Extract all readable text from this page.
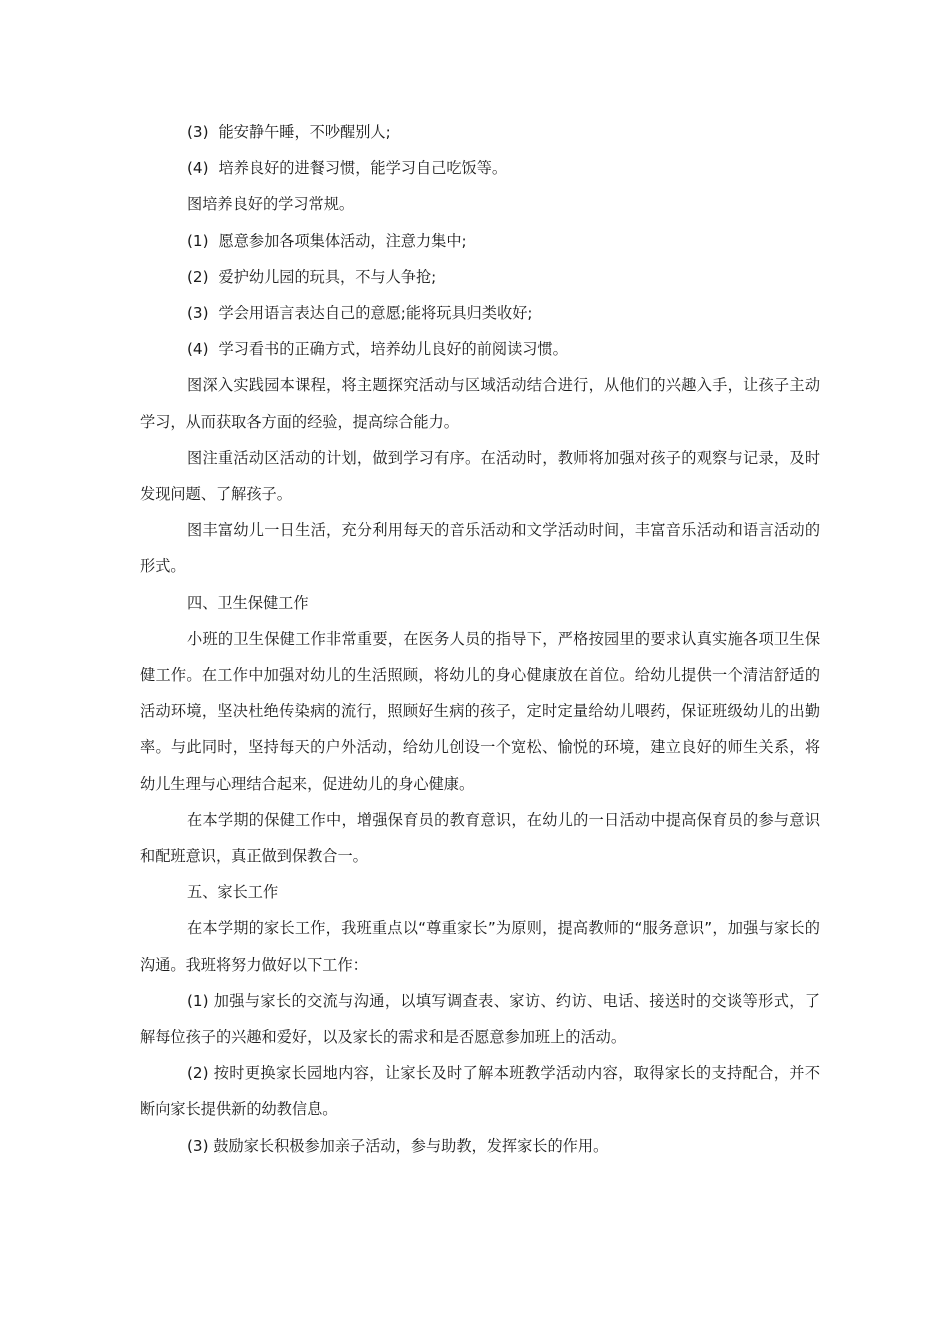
(3) 能安静午睡，不吵醒别人;

(4) 培养良好的进餐习惯，能学习自己吃饭等。

图培养良好的学习常规。

(1) 愿意参加各项集体活动，注意力集中;

(2) 爱护幼儿园的玩具，不与人争抢;

(3) 学会用语言表达自己的意愿;能将玩具归类收好;

(4) 学习看书的正确方式，培养幼儿良好的前阅读习惯。

图深入实践园本课程，将主题探究活动与区域活动结合进行，从他们的兴趣入手，让孩子主动学习，从而获取各方面的经验，提高综合能力。

图注重活动区活动的计划，做到学习有序。在活动时，教师将加强对孩子的观察与记录，及时发现问题、了解孩子。

图丰富幼儿一日生活，充分利用每天的音乐活动和文学活动时间，丰富音乐活动和语言活动的形式。

四、卫生保健工作

小班的卫生保健工作非常重要，在医务人员的指导下，严格按园里的要求认真实施各项卫生保健工作。在工作中加强对幼儿的生活照顾，将幼儿的身心健康放在首位。给幼儿提供一个清洁舒适的活动环境，坚决杜绝传染病的流行，照顾好生病的孩子，定时定量给幼儿喂药，保证班级幼儿的出勤率。与此同时，坚持每天的户外活动，给幼儿创设一个宽松、愉悦的环境，建立良好的师生关系，将幼儿生理与心理结合起来，促进幼儿的身心健康。

在本学期的保健工作中，增强保育员的教育意识，在幼儿的一日活动中提高保育员的参与意识和配班意识，真正做到保教合一。

五、家长工作

在本学期的家长工作，我班重点以“尊重家长”为原则，提高教师的“服务意识”，加强与家长的沟通。我班将努力做好以下工作：

(1) 加强与家长的交流与沟通，以填写调查表、家访、约访、电话、接送时的交谈等形式，了解每位孩子的兴趣和爱好，以及家长的需求和是否愿意参加班上的活动。

(2) 按时更换家长园地内容，让家长及时了解本班教学活动内容，取得家长的支持配合，并不断向家长提供新的幼教信息。

(3) 鼓励家长积极参加亲子活动，参与助教，发挥家长的作用。
